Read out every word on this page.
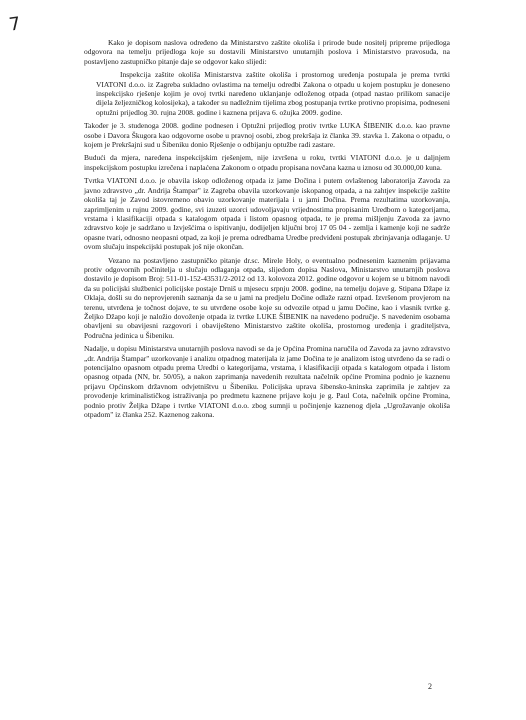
7

Kako je dopisom naslova određeno da Ministarstvo zaštite okoliša i prirode bude nositelj pripreme prijedloga odgovora na temelju prijedloga koje su dostavili Ministarstvo unutarnjih poslova i Ministarstvo pravosuđa, na postavljeno zastupničko pitanje daje se odgovor kako slijedi:

Inspekcija zaštite okoliša Ministarstva zaštite okoliša i prostornog uređenja postupala je prema tvrtki VIATONI d.o.o. iz Zagreba sukladno ovlastima na temelju odredbi Zakona o otpadu u kojem postupku je doneseno inspekcijsko rješenje kojim je ovoj tvrtki naređeno uklanjanje odloženog otpada (otpad nastao prilikom sanacije dijela željezničkog kolosijeka), a također su nadležnim tijelima zbog postupanja tvrtke protivno propisima, podneseni optužni prijedlog 30. rujna 2008. godine i kaznena prijava 6. ožujka 2009. godine.

Također je 3. studenoga 2008. godine podnesen i Optužni prijedlog protiv tvrtke LUKA ŠIBENIK d.o.o. kao pravne osobe i Davora Škugora kao odgovorne osobe u pravnoj osobi, zbog prekršaja iz članka 39. stavka 1. Zakona o otpadu, o kojem je Prekršajni sud u Šibeniku donio Rješenje o odbijanju optužbe radi zastare.

Budući da mjera, naređena inspekcijskim rješenjem, nije izvršena u roku, tvrtki VIATONI d.o.o. je u daljnjem inspekcijskom postupku izrečena i naplaćena Zakonom o otpadu propisana novčana kazna u iznosu od 30.000,00 kuna.

Tvrtka VIATONI d.o.o. je obavila iskop odloženog otpada iz jame Dočina i putem ovlaštenog laboratorija Zavoda za javno zdravstvo „dr. Andrija Štampar" iz Zagreba obavila uzorkovanje iskopanog otpada, a na zahtjev inspekcije zaštite okoliša taj je Zavod istovremeno obavio uzorkovanje materijala i u jami Dočina. Prema rezultatima uzorkovanja, zaprimljenim u rujnu 2009. godine, svi izuzeti uzorci udovoljavaju vrijednostima propisanim Uredbom o kategorijama, vrstama i klasifikaciji otpada s katalogom otpada i listom opasnog otpada, te je prema mišljenju Zavoda za javno zdravstvo koje je sadržano u Izvješćima o ispitivanju, dodijeljen ključni broj 17 05 04 - zemlja i kamenje koji ne sadrže opasne tvari, odnosno neopasni otpad, za koji je prema odredbama Uredbe predviđeni postupak zbrinjavanja odlaganje. U ovom slučaju inspekcijski postupak još nije okončan.

Vezano na postavljeno zastupničko pitanje dr.sc. Mirele Holy, o eventualno podnesenim kaznenim prijavama protiv odgovornih počinitelja u slučaju odlaganja otpada, slijedom dopisa Naslova, Ministarstvo unutarnjih poslova dostavilo je dopisom Broj: 511-01-152-43531/2-2012 od 13. kolovoza 2012. godine odgovor u kojem se u bitnom navodi da su policijski službenici policijske postaje Drniš u mjesecu srpnju 2008. godine, na temelju dojave g. Stipana Džape iz Oklaja, došli su do neprovjerenih saznanja da se u jami na predjelu Dočine odlaže razni otpad. Izvršenom provjerom na terenu, utvrđena je točnost dojave, te su utvrđene osobe koje su odvozile otpad u jamu Dočine, kao i vlasnik tvrtke g. Željko Džapo koji je naložio dovoženje otpada iz tvrtke LUKE ŠIBENIK na navedeno područje. S navedenim osobama obavljeni su obavijesni razgovori i obaviješteno Ministarstvo zaštite okoliša, prostornog uređenja i graditeljstva, Područna jedinica u Šibeniku.

Nadalje, u dopisu Ministarstva unutarnjih poslova navodi se da je Općina Promina naručila od Zavoda za javno zdravstvo „dr. Andrija Štampar" uzorkovanje i analizu otpadnog materijala iz jame Dočina te je analizom istog utvrđeno da se radi o potencijalno opasnom otpadu prema Uredbi o kategorijama, vrstama, i klasifikaciji otpada s katalogom otpada i listom opasnog otpada (NN, br. 50/05), a nakon zaprimanja navedenih rezultata načelnik općine Promina podnio je kaznenu prijavu Općinskom državnom odvjetništvu u Šibeniku. Policijska uprava šibensko-kninska zaprimila je zahtjev za provođenje kriminalističkog istraživanja po predmetu kaznene prijave koju je g. Paul Cota, načelnik općine Promina, podnio protiv Željka Džape i tvrtke VIATONI d.o.o. zbog sumnji u počinjenje kaznenog djela „Ugrožavanje okoliša otpadom" iz članka 252. Kaznenog zakona.

2
